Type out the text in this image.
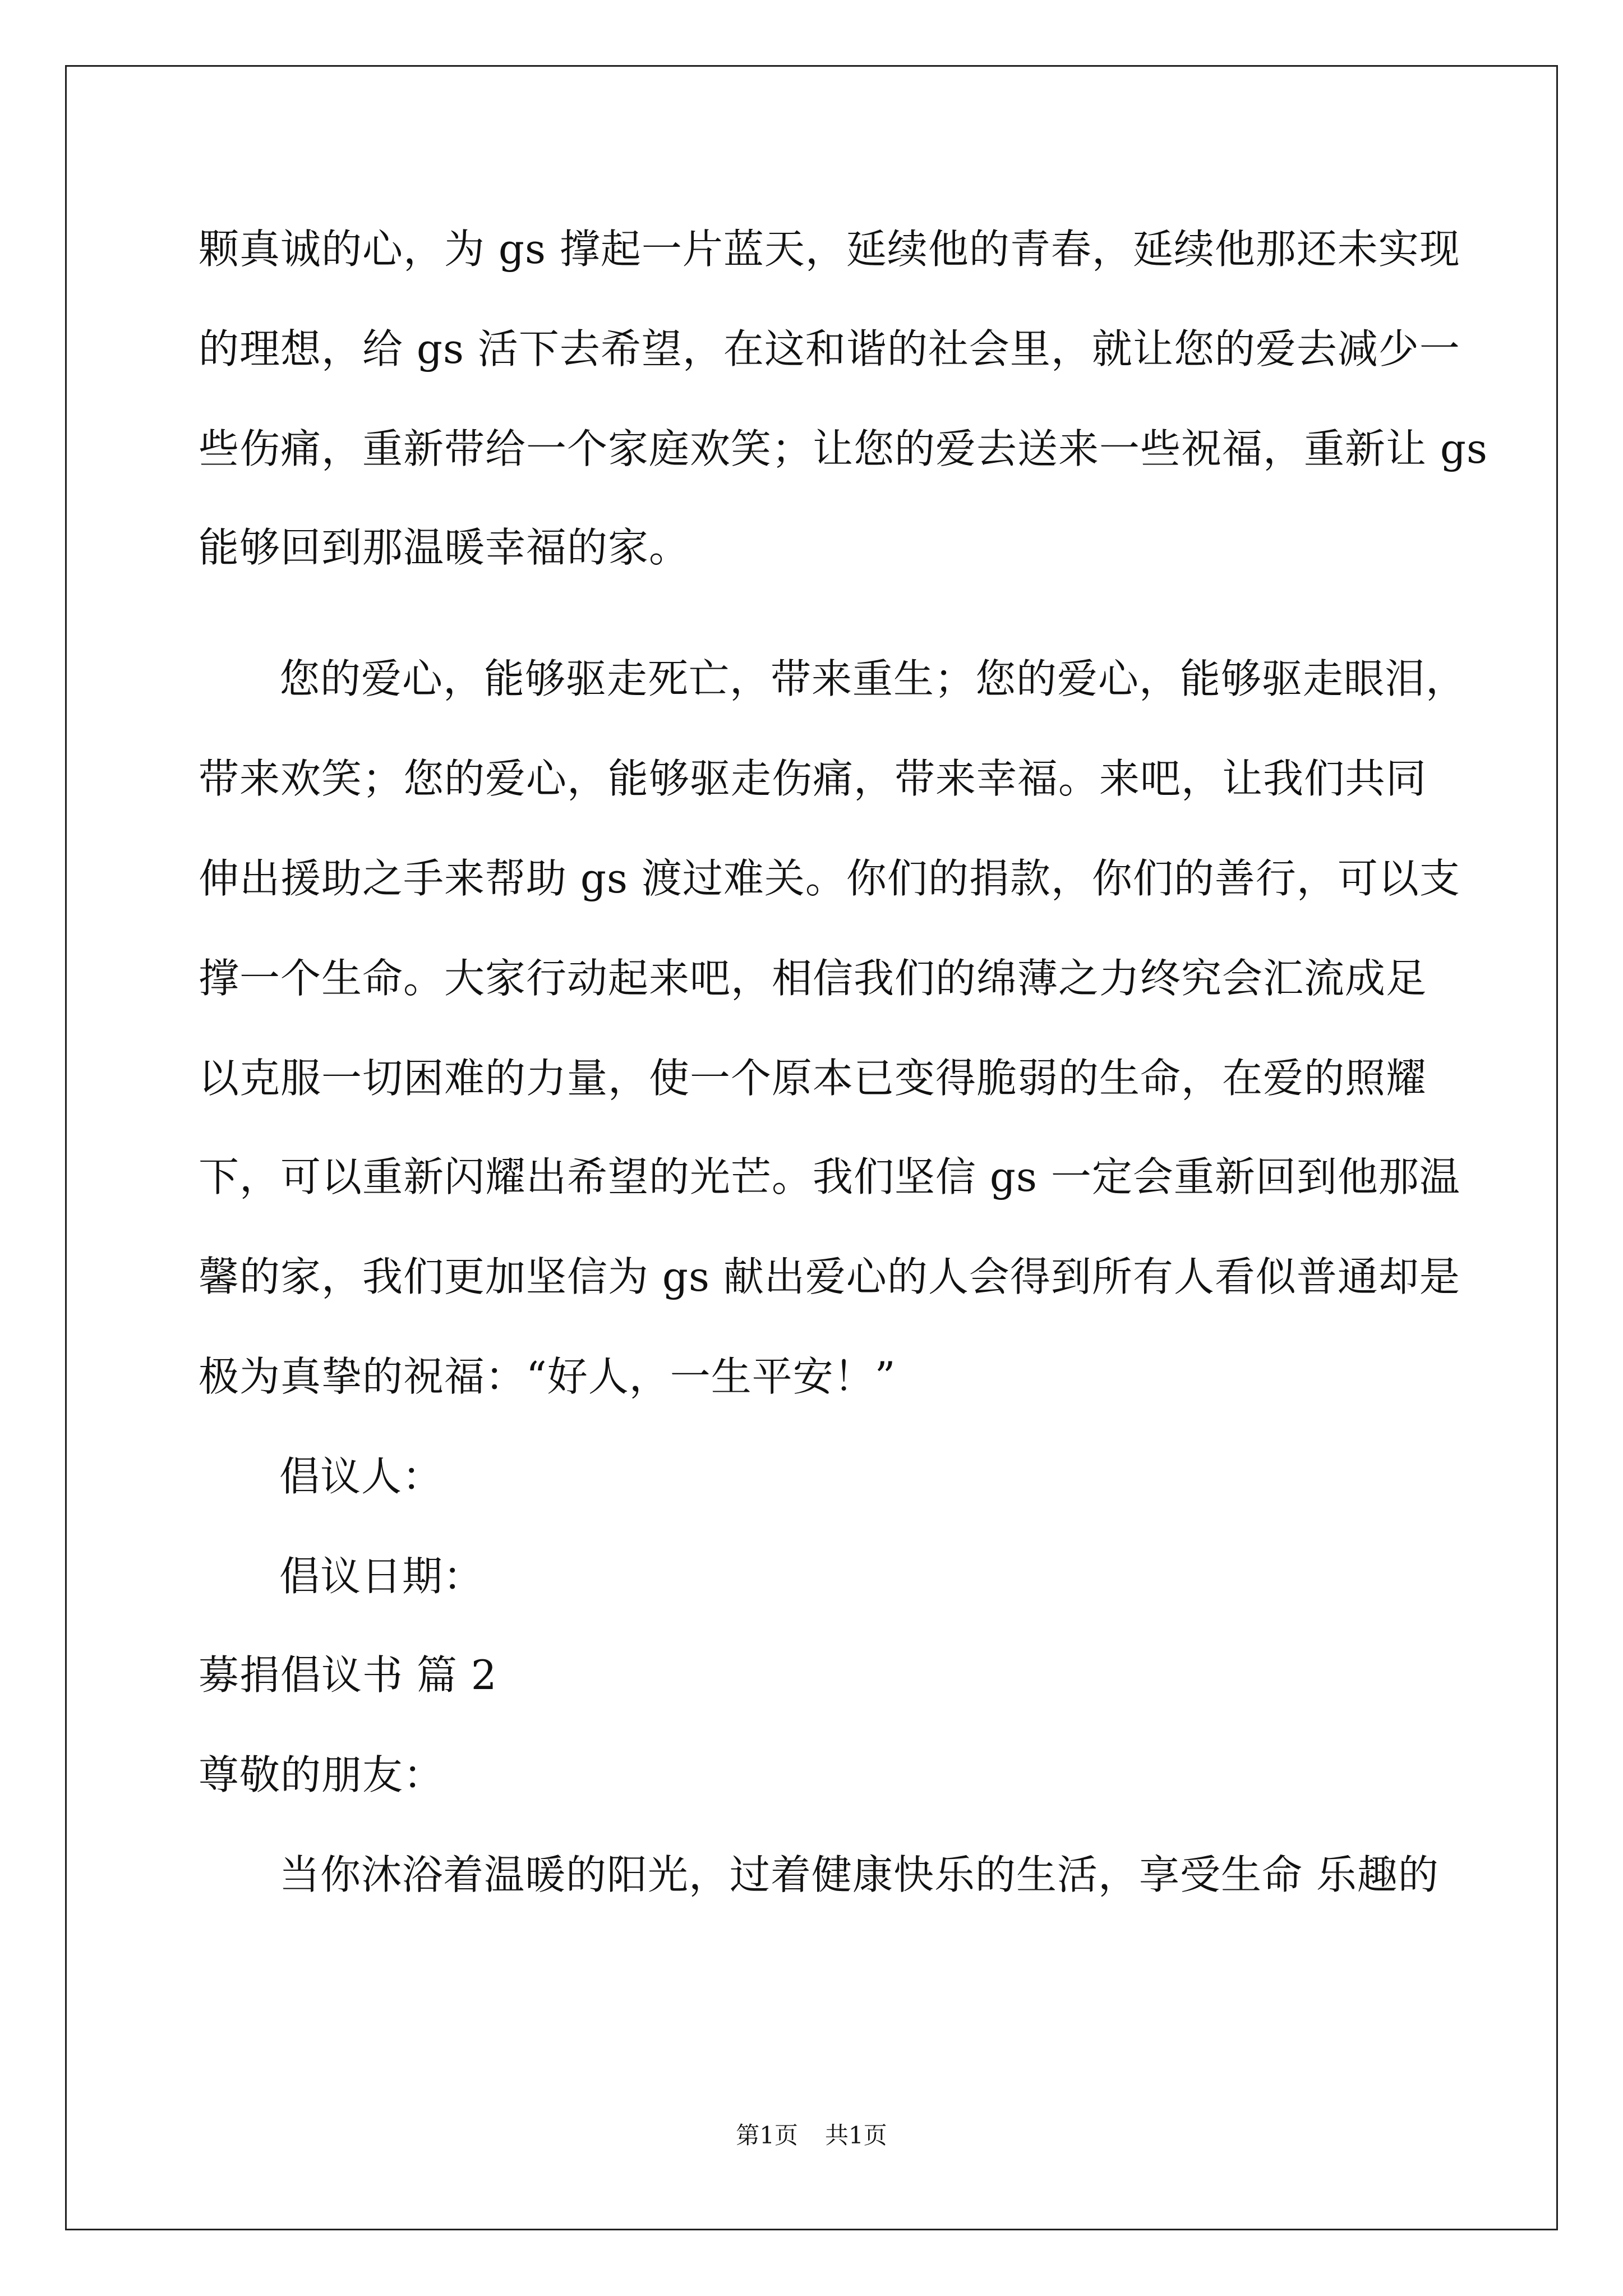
颗真诚的心，为 gs 撑起一片蓝天，延续他的青春，延续他那还未实现
的理想，给 gs 活下去希望，在这和谐的社会里，就让您的爱去减少一
些伤痛，重新带给一个家庭欢笑；让您的爱去送来一些祝福，重新让 gs
能够回到那温暖幸福的家。
您的爱心，能够驱走死亡，带来重生；您的爱心，能够驱走眼泪，
带来欢笑；您的爱心，能够驱走伤痛，带来幸福。来吧，让我们共同
伸出援助之手来帮助 gs 渡过难关。你们的捐款，你们的善行，可以支
撑一个生命。大家行动起来吧，相信我们的绵薄之力终究会汇流成足
以克服一切困难的力量，使一个原本已变得脆弱的生命，在爱的照耀
下，可以重新闪耀出希望的光芒。我们坚信 gs 一定会重新回到他那温
馨的家，我们更加坚信为 gs 献出爱心的人会得到所有人看似普通却是
极为真挚的祝福：“好人，一生平安！”
倡议人：
倡议日期：
募捐倡议书 篇 2
尊敬的朋友：
当你沐浴着温暖的阳光，过着健康快乐的生活，享受生命 乐趣的
第1页 共1页
